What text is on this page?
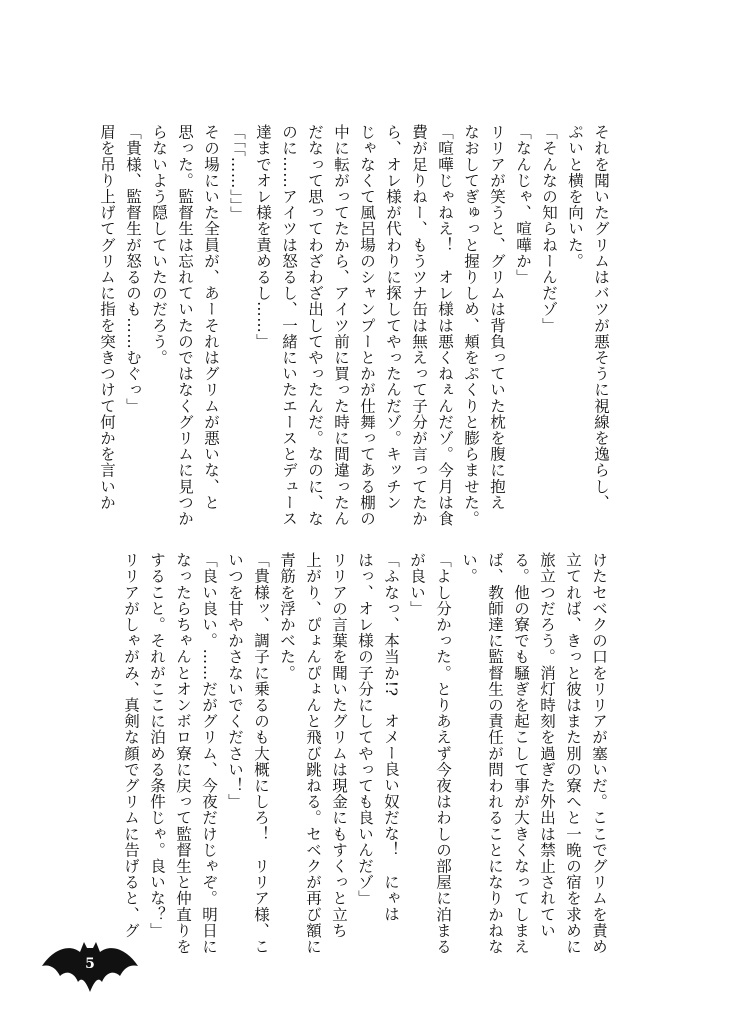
それを聞いたグリムはバツが悪そうに視線を逸らし、
ぷいと横を向いた。
「そんなの知らねーんだゾ」
「なんじゃ、喧嘩か」
リリアが笑うと、グリムは背負っていた枕を腹に抱え
なおしてぎゅっと握りしめ、頬をぷくりと膨らませた。
「喧嘩じゃねえ！　オレ様は悪くねぇんだゾ。今月は食
費が足りねー、もうツナ缶は無えって子分が言ってたか
ら、オレ様が代わりに探してやったんだゾ。キッチン
じゃなくて風呂場のシャンプーとかが仕舞ってある棚の
中に転がってたから、アイツ前に買った時に間違ったん
だなって思ってわざわざ出してやったんだ。なのに、な
のに……アイツは怒るし、一緒にいたエースとデュース
達までオレ様を責めるし……」
「「「……」」」
その場にいた全員が、あーそれはグリムが悪いな、と
思った。監督生は忘れていたのではなくグリムに見つか
らないよう隠していたのだろう。
「貴様、監督生が怒るのも……むぐっ」
眉を吊り上げてグリムに指を突きつけて何かを言いか
けたセベクの口をリリアが塞いだ。ここでグリムを責め
立てれば、きっと彼はまた別の寮へと一晩の宿を求めに
旅立つだろう。消灯時刻を過ぎた外出は禁止されてい
る。他の寮でも騒ぎを起こして事が大きくなってしまえ
ば、教師達に監督生の責任が問われることになりかねな
い。
「よし分かった。とりあえず今夜はわしの部屋に泊まる
が良い」
「ふなっ、本当か!?　オメー良い奴だな！　にゃは
はっ、オレ様の子分にしてやっても良いんだゾ」
リリアの言葉を聞いたグリムは現金にもすくっと立ち
上がり、ぴょんぴょんと飛び跳ねる。セベクが再び額に
青筋を浮かべた。
「貴様ッ、調子に乗るのも大概にしろ！　リリア様、こ
いつを甘やかさないでください！」
「良い良い。……だがグリム、今夜だけじゃぞ。明日に
なったらちゃんとオンボロ寮に戻って監督生と仲直りを
すること。それがここに泊める条件じゃ。良いな？」
リリアがしゃがみ、真剣な顔でグリムに告げると、グ
5
